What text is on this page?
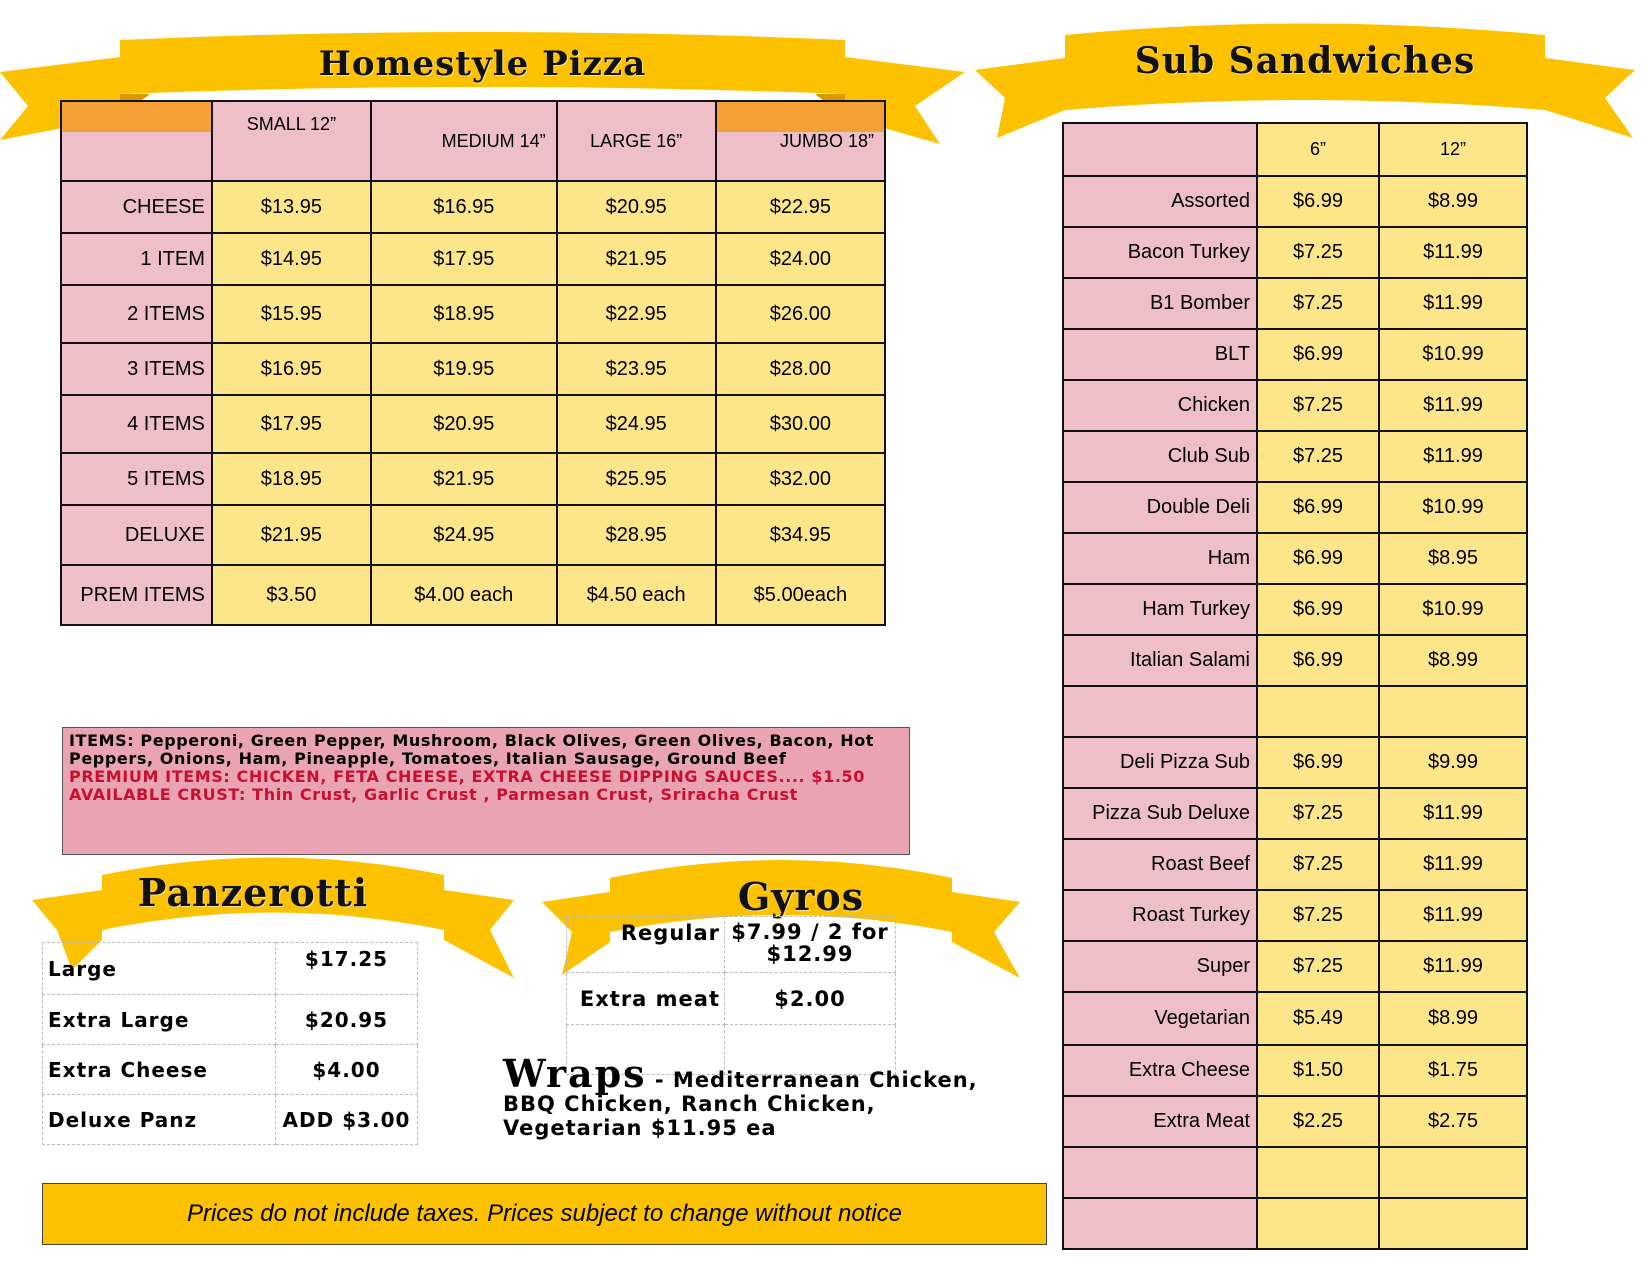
Homestyle Pizza
	SMALL 12”	MEDIUM 14”	LARGE 16”	JUMBO 18”
CHEESE	$13.95	$16.95	$20.95	$22.95
1 ITEM	$14.95	$17.95	$21.95	$24.00
2 ITEMS	$15.95	$18.95	$22.95	$26.00
3 ITEMS	$16.95	$19.95	$23.95	$28.00
4 ITEMS	$17.95	$20.95	$24.95	$30.00
5 ITEMS	$18.95	$21.95	$25.95	$32.00
DELUXE	$21.95	$24.95	$28.95	$34.95
PREM ITEMS	$3.50	$4.00 each	$4.50 each	$5.00each
ITEMS: Pepperoni, Green Pepper, Mushroom, Black Olives, Green Olives, Bacon, Hot Peppers, Onions, Ham, Pineapple, Tomatoes, Italian Sausage, Ground Beef
PREMIUM ITEMS: CHICKEN, FETA CHEESE, EXTRA CHEESE DIPPING SAUCES.... $1.50
AVAILABLE CRUST: Thin Crust, Garlic Crust , Parmesan Crust, Sriracha Crust
Panzerotti
Large	$17.25
Extra Large	$20.95
Extra Cheese	$4.00
Deluxe Panz	ADD $3.00
Gyros
Regular	$7.99 / 2 for $12.99
Extra meat	$2.00

Wraps - Mediterranean Chicken, BBQ Chicken, Ranch Chicken, Vegetarian $11.95 ea
Prices do not include taxes. Prices subject to change without notice
Sub Sandwiches
	6”	12”
Assorted	$6.99	$8.99
Bacon Turkey	$7.25	$11.99
B1 Bomber	$7.25	$11.99
BLT	$6.99	$10.99
Chicken	$7.25	$11.99
Club Sub	$7.25	$11.99
Double Deli	$6.99	$10.99
Ham	$6.99	$8.95
Ham Turkey	$6.99	$10.99
Italian Salami	$6.99	$8.99

Deli Pizza Sub	$6.99	$9.99
Pizza Sub Deluxe	$7.25	$11.99
Roast Beef	$7.25	$11.99
Roast Turkey	$7.25	$11.99
Super	$7.25	$11.99
Vegetarian	$5.49	$8.99
Extra Cheese	$1.50	$1.75
Extra Meat	$2.25	$2.75
